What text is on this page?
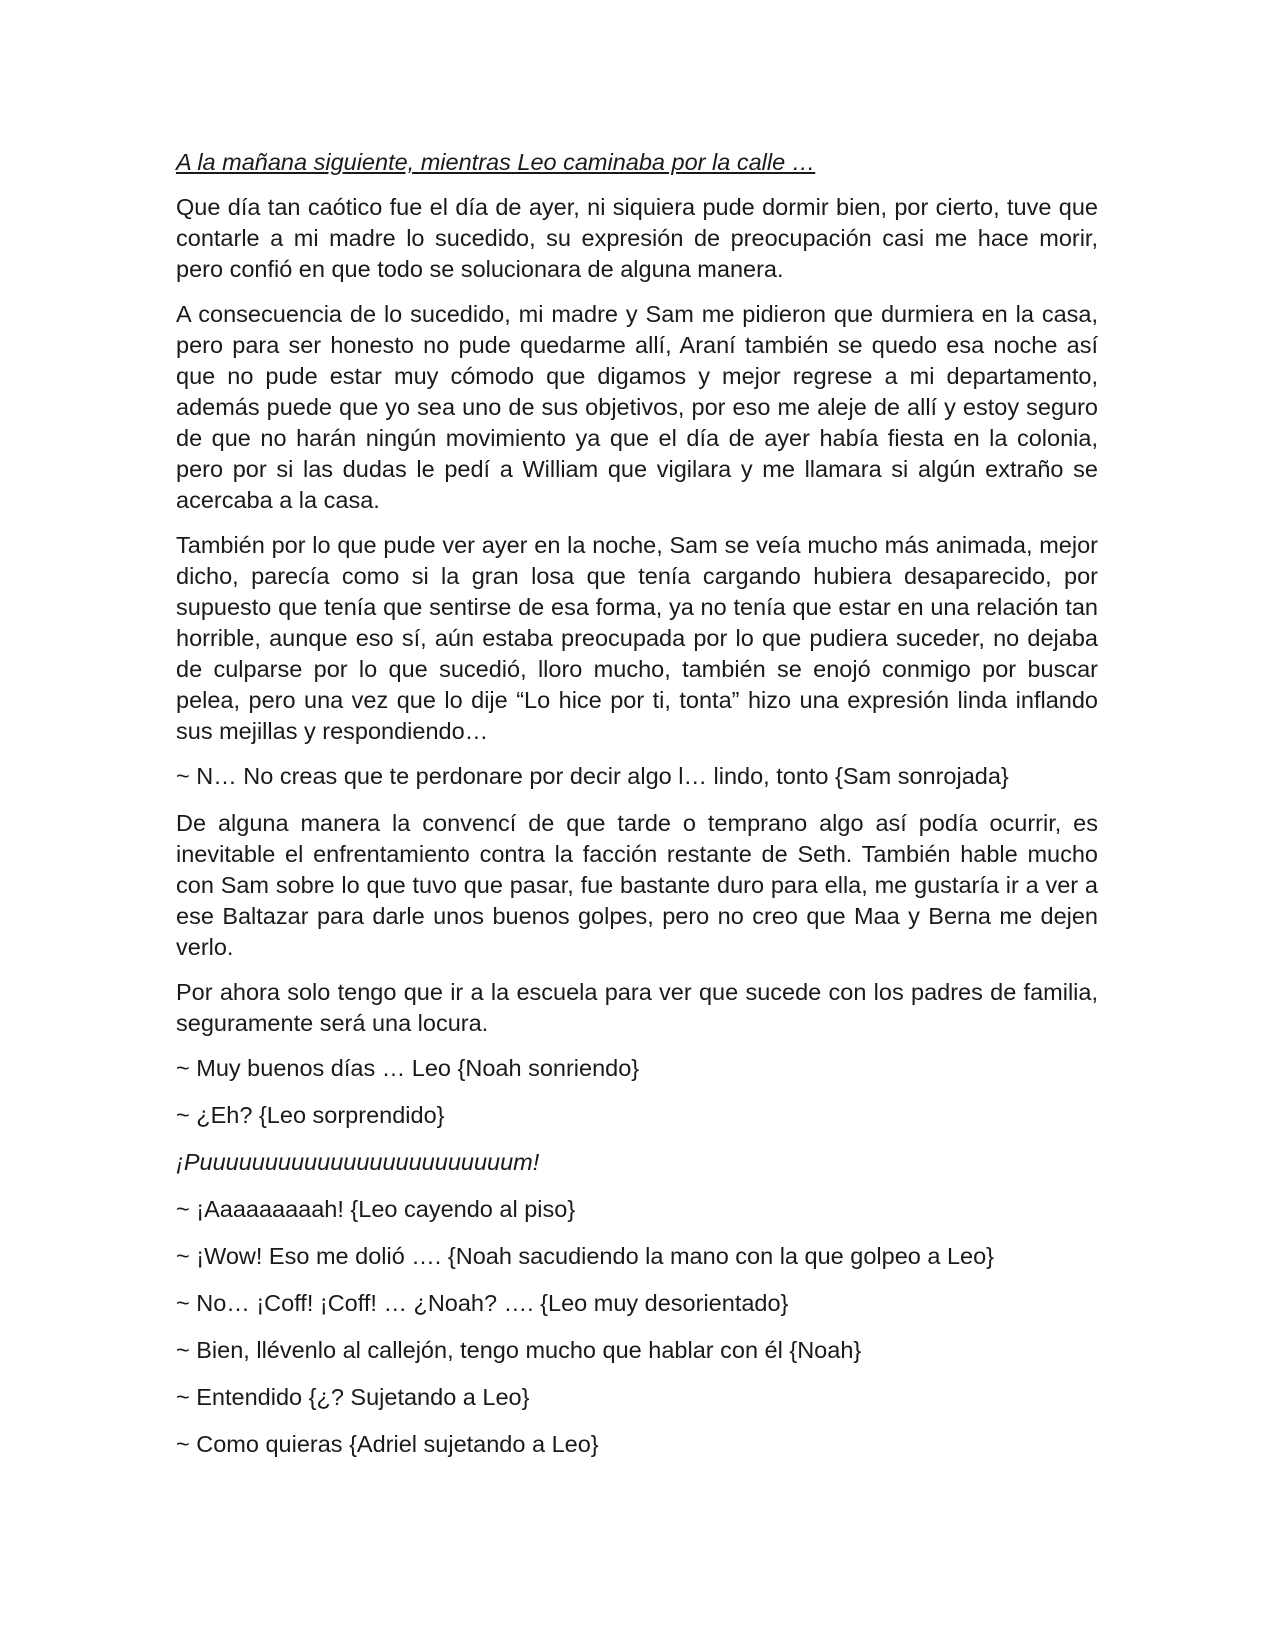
A la mañana siguiente, mientras Leo caminaba por la calle …

Que día tan caótico fue el día de ayer, ni siquiera pude dormir bien, por cierto, tuve que contarle a mi madre lo sucedido, su expresión de preocupación casi me hace morir, pero confió en que todo se solucionara de alguna manera.

A consecuencia de lo sucedido, mi madre y Sam me pidieron que durmiera en la casa, pero para ser honesto no pude quedarme allí, Araní también se quedo esa noche así que no pude estar muy cómodo que digamos y mejor regrese a mi departamento, además puede que yo sea uno de sus objetivos, por eso me aleje de allí y estoy seguro de que no harán ningún movimiento ya que el día de ayer había fiesta en la colonia, pero por si las dudas le pedí a William que vigilara y me llamara si algún extraño se acercaba a la casa.

También por lo que pude ver ayer en la noche, Sam se veía mucho más animada, mejor dicho, parecía como si la gran losa que tenía cargando hubiera desaparecido, por supuesto que tenía que sentirse de esa forma, ya no tenía que estar en una relación tan horrible, aunque eso sí, aún estaba preocupada por lo que pudiera suceder, no dejaba de culparse por lo que sucedió, lloro mucho, también se enojó conmigo por buscar pelea, pero una vez que lo dije “Lo hice por ti, tonta” hizo una expresión linda inflando sus mejillas y respondiendo…

~ N… No creas que te perdonare por decir algo l… lindo, tonto {Sam sonrojada}

De alguna manera la convencí de que tarde o temprano algo así podía ocurrir, es inevitable el enfrentamiento contra la facción restante de Seth. También hable mucho con Sam sobre lo que tuvo que pasar, fue bastante duro para ella, me gustaría ir a ver a ese Baltazar para darle unos buenos golpes, pero no creo que Maa y Berna me dejen verlo.

Por ahora solo tengo que ir a la escuela para ver que sucede con los padres de familia, seguramente será una locura.

~ Muy buenos días … Leo {Noah sonriendo}

~ ¿Eh? {Leo sorprendido}

¡Puuuuuuuuuuuuuuuuuuuuuuuum!

~ ¡Aaaaaaaaah! {Leo cayendo al piso}

~ ¡Wow! Eso me dolió …. {Noah sacudiendo la mano con la que golpeo a Leo}

~ No… ¡Coff! ¡Coff! … ¿Noah? …. {Leo muy desorientado}

~ Bien, llévenlo al callejón, tengo mucho que hablar con él {Noah}

~ Entendido {¿? Sujetando a Leo}

~ Como quieras {Adriel sujetando a Leo}
